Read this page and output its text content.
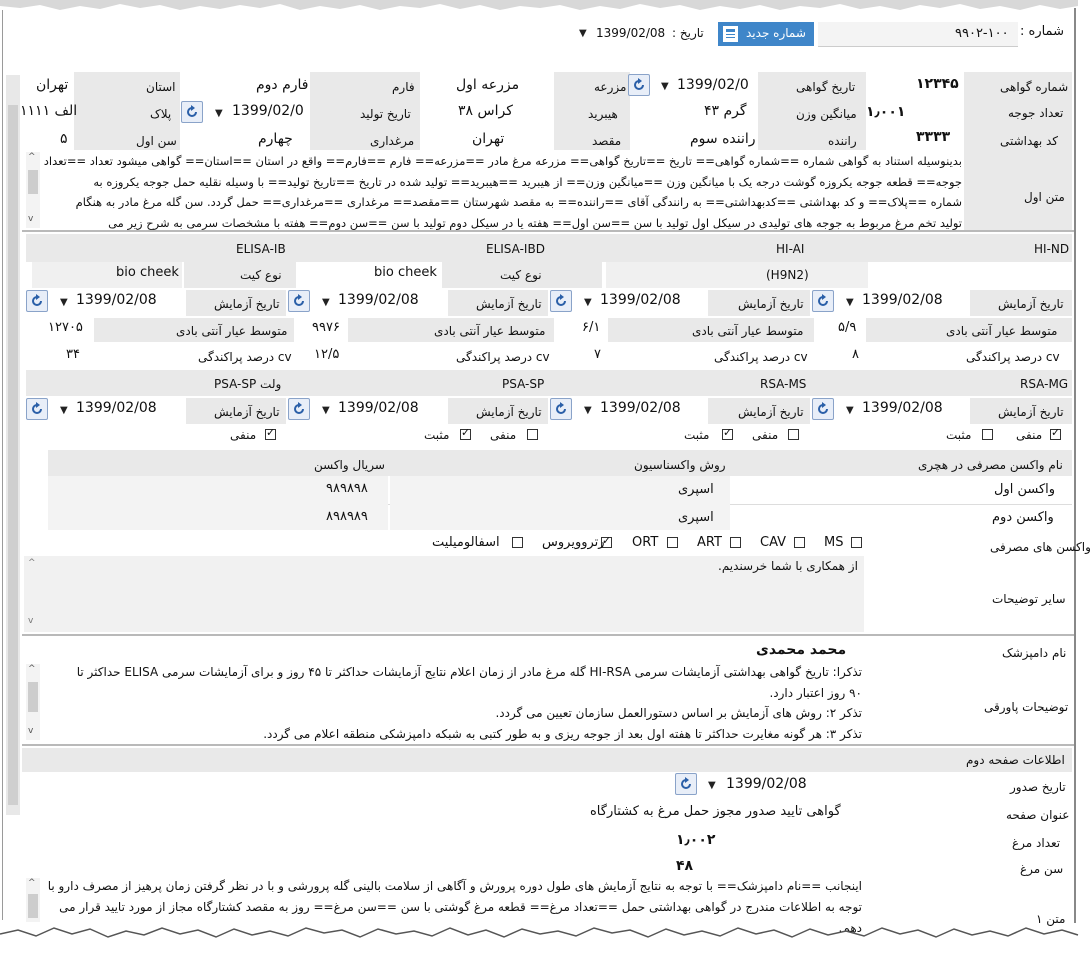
شماره :
۹۹۰۲-۱۰۰
شماره جدید
تاریخ :
1399/02/08
▼
شماره گواهی
۱۲۳۴۵
تاریخ گواهی
1399/02/0
▼
مزرعه
مزرعه اول
فارم
فارم دوم
استان
تهران
تعداد جوجه
۱٫۰۰۱
میانگین وزن
۴۳ گرم
هیبرید
کراس ۳۸
تاریخ تولید
1399/02/0
▼
پلاک
۱۱الف ۱۱
کد بهداشتی
۳۳۳۳
راننده
راننده سوم
مقصد
تهران
مرغداری
چهارم
سن اول
۵
متن اول
^
v
بدینوسیله استناد به گواهی شماره ==شماره گواهی== تاریخ ==تاریخ گواهی== مزرعه مرغ مادر ==مزرعه== فارم ==فارم== واقع در استان ==استان== گواهی میشود تعداد ==تعداد
جوجه== قطعه جوجه یکروزه گوشت درجه یک با میانگین وزن ==میانگین وزن== از هیبرید ==هیبرید== تولید شده در تاریخ ==تاریخ تولید== با وسیله نقلیه حمل جوجه یکروزه به
شماره ==پلاک== و کد بهداشتی ==کدبهداشتی== به رانندگی آقای ==راننده== به مقصد شهرستان ==مقصد== مرغداری ==مرغداری== حمل گردد. سن گله مرغ مادر به هنگام
تولید تخم مرغ مربوط به جوجه های تولیدی در سیکل اول تولید با سن ==سن اول== هفته یا در سیکل دوم تولید با سن ==سن دوم== هفته با مشخصات سرمی به شرح زیر می
HI-ND
HI-AI
ELISA-IBD
ELISA-IB
(H9N2)
نوع کیت
bio cheek
نوع کیت
bio cheek
تاریخ آزمایش
1399/02/08
▼
تاریخ آزمایش
1399/02/08
▼
تاریخ آزمایش
1399/02/08
▼
تاریخ آزمایش
1399/02/08
▼
متوسط عیار آنتی بادی
۵/۹
متوسط عیار آنتی بادی
۶/۱
متوسط عیار آنتی بادی
۹۹۷۶
متوسط عیار آنتی بادی
۱۲۷۰۵
درصد پراکندگی cv
۸
درصد پراکندگی cv
۷
درصد پراکندگی cv
۱۲/۵
درصد پراکندگی cv
۳۴
RSA-MG
RSA-MS
PSA-SP
PSA-SP ولت
تاریخ آزمایش
1399/02/08
▼
تاریخ آزمایش
1399/02/08
▼
تاریخ آزمایش
1399/02/08
▼
تاریخ آزمایش
1399/02/08
▼
✓
منفی
مثبت
منفی
✓
مثبت
منفی
✓
مثبت
✓
منفی
نام واکسن مصرفی در هچری
روش واکسناسیون
سریال واکسن
واکسن اول
اسپری
۹۸۹۸۹۸
واکسن دوم
اسپری
۸۹۸۹۸۹
واکسن های مصرفی
MS
CAV
ART
ORT
✓
رتروویروس
اسفالومیلیت
^
v
از همکاری با شما خرسندیم.
سایر توضیحات
نام دامپزشک
محمد محمدی
توضیحات پاورقی
^
v
تذکرا: تاریخ گواهی بهداشتی آزمایشات سرمی HI-RSA گله مرغ مادر از زمان اعلام نتایج آزمایشات حداکثر تا ۴۵ روز و برای آزمایشات سرمی ELISA حداکثر تا
۹۰ روز اعتبار دارد.
تذکر ۲: روش های آزمایش بر اساس دستورالعمل سازمان تعیین می گردد.
تذکر ۳: هر گونه مغایرت حداکثر تا هفته اول بعد از جوجه ریزی و به طور کتبی به شبکه دامپزشکی منطقه اعلام می گردد.
اطلاعات صفحه دوم
تاریخ صدور
1399/02/08
▼
عنوان صفحه
گواهی تایید صدور مجوز حمل مرغ به کشتارگاه
تعداد مرغ
۱٫۰۰۲
سن مرغ
۴۸
متن ۱
^	اینجانب ==نام دامپزشک== با توجه به نتایج آزمایش های طول دوره پرورش و آگاهی از سلامت بالینی گله پرورشی و با در نظر گرفتن زمان پرهیز از مصرف دارو با
توجه به اطلاعات مندرج در گواهی بهداشتی حمل ==تعداد مرغ== قطعه مرغ گوشتی با سن ==سن مرغ== روز به مقصد کشتارگاه مجاز از مورد تایید قرار می
دهم.
